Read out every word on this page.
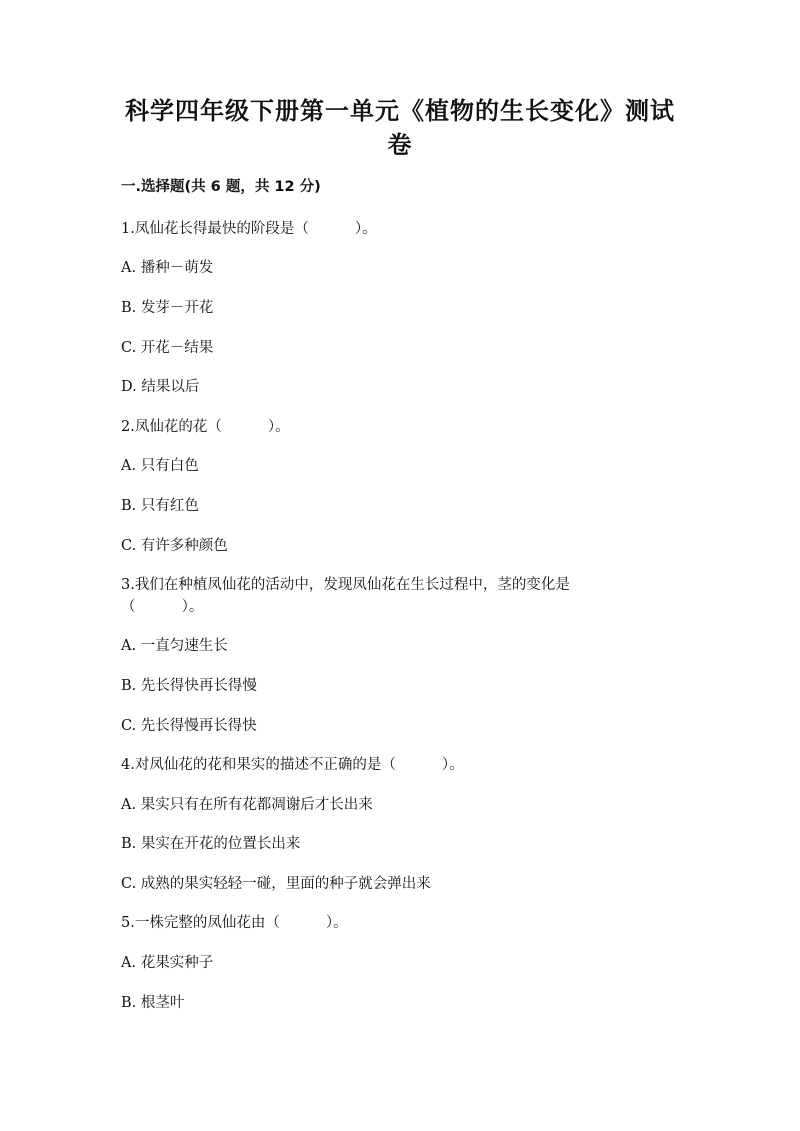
科学四年级下册第一单元《植物的生长变化》测试
卷
一.选择题(共 6 题，共 12 分)
1.凤仙花长得最快的阶段是（          ）。
A. 播种－萌发
B. 发芽－开花
C. 开花－结果
D. 结果以后
2.凤仙花的花（          ）。
A. 只有白色
B. 只有红色
C. 有许多种颜色
3.我们在种植凤仙花的活动中，发现凤仙花在生长过程中，茎的变化是
（          ）。
A. 一直匀速生长
B. 先长得快再长得慢
C. 先长得慢再长得快
4.对凤仙花的花和果实的描述不正确的是（          ）。
A. 果实只有在所有花都凋谢后才长出来
B. 果实在开花的位置长出来
C. 成熟的果实轻轻一碰，里面的种子就会弹出来
5.一株完整的凤仙花由（          ）。
A. 花果实种子
B. 根茎叶
